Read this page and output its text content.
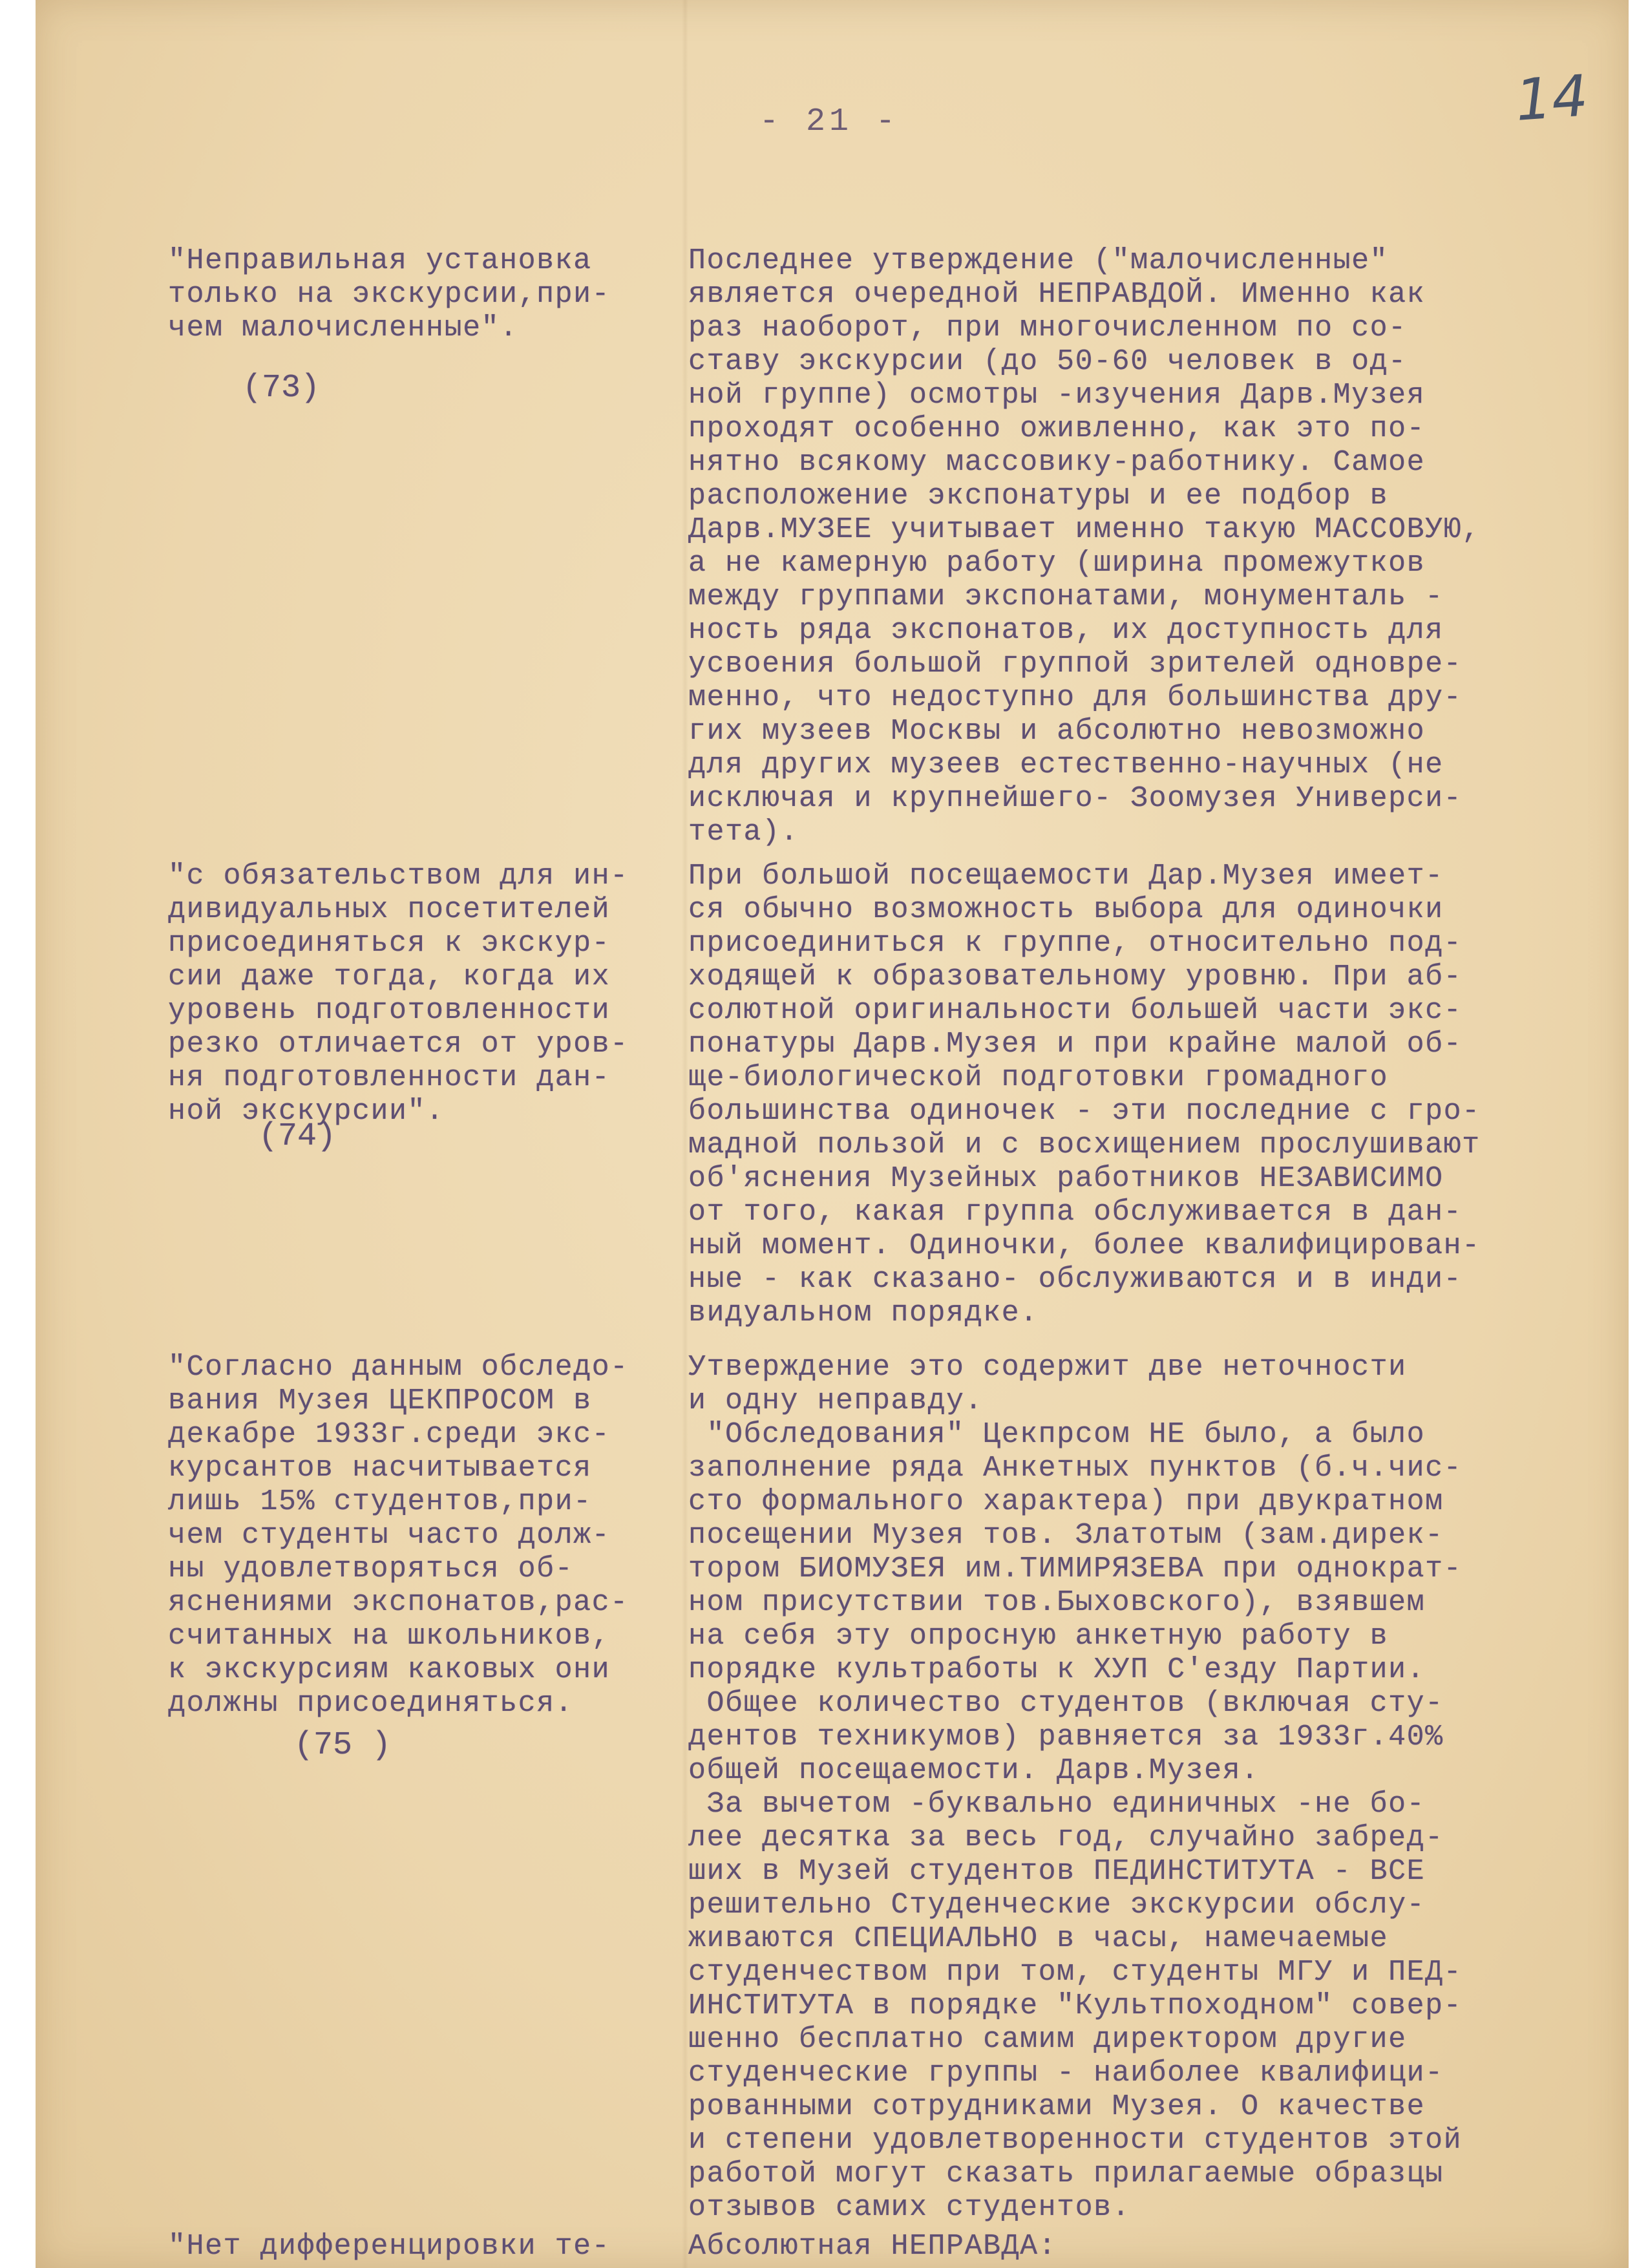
14
- 21 -
"Неправильная установка
только на экскурсии,при-
чем малочисленные".
(73)
Последнее утверждение ("малочисленные"
является очередной НЕПРАВДОЙ. Именно как
раз наоборот, при многочисленном по со-
ставу экскурсии (до 50-60 человек в од-
ной группе) осмотры -изучения Дарв.Музея
проходят особенно оживленно, как это по-
нятно всякому массовику-работнику. Самое
расположение экспонатуры и ее подбор в
Дарв.МУЗЕЕ учитывает именно такую МАССОВУЮ,
а не камерную работу (ширина промежутков
между группами экспонатами, монументаль -
ность ряда экспонатов, их доступность для
усвоения большой группой зрителей одновре-
менно, что недоступно для большинства дру-
гих музеев Москвы и абсолютно невозможно
для других музеев естественно-научных (не
исключая и крупнейшего- Зоомузея Универси-
тета).
"с обязательством для ин-
дивидуальных посетителей
присоединяться к экскур-
сии даже тогда, когда их
уровень подготовленности
резко отличается от уров-
ня подготовленности дан-
ной экскурсии".
(74)
При большой посещаемости Дар.Музея имеет-
ся обычно возможность выбора для одиночки
присоединиться к группе, относительно под-
ходящей к образовательному уровню. При аб-
солютной оригинальности большей части экс-
понатуры Дарв.Музея и при крайне малой об-
ще-биологической подготовки громадного
большинства одиночек - эти последние с гро-
мадной пользой и с восхищением прослушивают
об'яснения Музейных работников НЕЗАВИСИМО
от того, какая группа обслуживается в дан-
ный момент. Одиночки, более квалифицирован-
ные - как сказано- обслуживаются и в инди-
видуальном порядке.
"Согласно данным обследо-
вания Музея ЦЕКПРОСОМ в
декабре 1933г.среди экс-
курсантов насчитывается
лишь 15% студентов,при-
чем студенты часто долж-
ны удовлетворяться об-
яснениями экспонатов,рас-
считанных на школьников,
к экскурсиям каковых они
должны присоединяться.
(75 )
Утверждение это содержит две неточности
и одну неправду.
"Обследования" Цекпрсом НЕ было, а было
заполнение ряда Анкетных пунктов (б.ч.чис-
сто формального характера) при двукратном
посещении Музея тов. Златотым (зам.дирек-
тором БИОМУЗЕЯ им.ТИМИРЯЗЕВА при однократ-
ном присутствии тов.Быховского), взявшем
на себя эту опросную анкетную работу в
порядке культработы к ХУП С'езду Партии.
Общее количество студентов (включая сту-
дентов техникумов) равняется за 1933г.40%
общей посещаемости. Дарв.Музея.
За вычетом -буквально единичных -не бо-
лее десятка за весь год, случайно забред-
ших в Музей студентов ПЕДИНСТИТУТА - ВСЕ
решительно Студенческие экскурсии обслу-
живаются СПЕЦИАЛЬНО в часы, намечаемые
студенчеством при том, студенты МГУ и ПЕД-
ИНСТИТУТА в порядке "Культпоходном" совер-
шенно бесплатно самим директором другие
студенческие группы - наиболее квалифици-
рованными сотрудниками Музея. О качестве
и степени удовлетворенности студентов этой
работой могут сказать прилагаемые образцы
отзывов самих студентов.
"Нет дифференцировки те-	Абсолютная НЕПРАВДА:
